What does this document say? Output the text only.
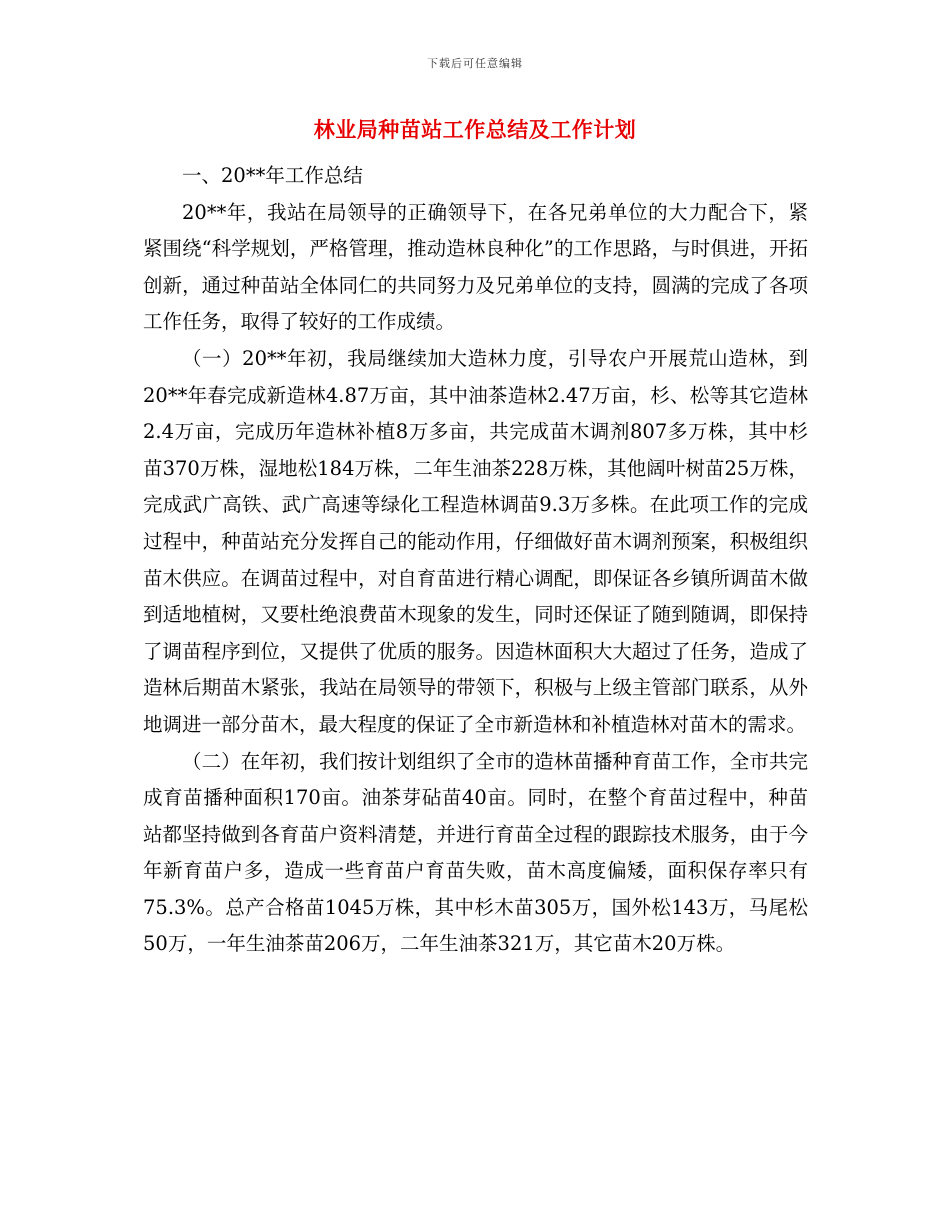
下载后可任意编辑
林业局种苗站工作总结及工作计划

一、20**年工作总结

20**年，我站在局领导的正确领导下，在各兄弟单位的大力配合下，紧紧围绕“科学规划，严格管理，推动造林良种化”的工作思路，与时俱进，开拓创新，通过种苗站全体同仁的共同努力及兄弟单位的支持，圆满的完成了各项工作任务，取得了较好的工作成绩。

（一）20**年初，我局继续加大造林力度，引导农户开展荒山造林，到20**年春完成新造林4.87万亩，其中油茶造林2.47万亩，杉、松等其它造林2.4万亩，完成历年造林补植8万多亩，共完成苗木调剂807多万株，其中杉苗370万株，湿地松184万株，二年生油茶228万株，其他阔叶树苗25万株，完成武广高铁、武广高速等绿化工程造林调苗9.3万多株。在此项工作的完成过程中，种苗站充分发挥自己的能动作用，仔细做好苗木调剂预案，积极组织苗木供应。在调苗过程中，对自育苗进行精心调配，即保证各乡镇所调苗木做到适地植树，又要杜绝浪费苗木现象的发生，同时还保证了随到随调，即保持了调苗程序到位，又提供了优质的服务。因造林面积大大超过了任务，造成了造林后期苗木紧张，我站在局领导的带领下，积极与上级主管部门联系，从外地调进一部分苗木，最大程度的保证了全市新造林和补植造林对苗木的需求。

（二）在年初，我们按计划组织了全市的造林苗播种育苗工作，全市共完成育苗播种面积170亩。油茶芽砧苗40亩。同时，在整个育苗过程中，种苗站都坚持做到各育苗户资料清楚，并进行育苗全过程的跟踪技术服务，由于今年新育苗户多，造成一些育苗户育苗失败，苗木高度偏矮，面积保存率只有75.3%。总产合格苗1045万株，其中杉木苗305万，国外松143万，马尾松50万，一年生油茶苗206万，二年生油茶321万，其它苗木20万株。
